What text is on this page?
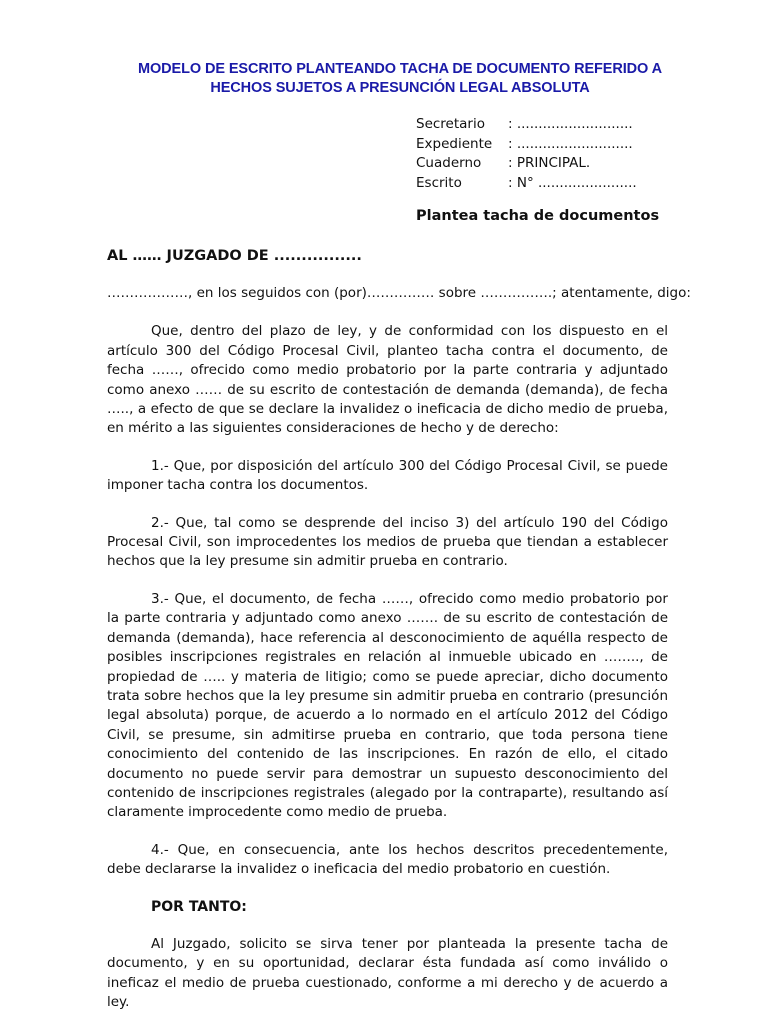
MODELO DE ESCRITO PLANTEANDO TACHA DE DOCUMENTO REFERIDO A
HECHOS SUJETOS A PRESUNCIÓN LEGAL ABSOLUTA
Secretario : ...........................
Expediente : ...........................
Cuaderno : PRINCIPAL.
Escrito	: N° .......................
Plantea tacha de documentos
AL …… JUZGADO DE ................

………………, en los seguidos con (por)…………… sobre …………….; atentamente, digo:

Que, dentro del plazo de ley, y de conformidad con los dispuesto en el artículo 300 del Código Procesal Civil, planteo tacha contra el documento, de fecha ……, ofrecido como medio probatorio por la parte contraria y adjuntado como anexo …… de su escrito de contestación de demanda (demanda), de fecha ….., a efecto de que se declare la invalidez o ineficacia de dicho medio de prueba, en mérito a las siguientes consideraciones de hecho y de derecho:

1.- Que, por disposición del artículo 300 del Código Procesal Civil, se puede imponer tacha contra los documentos.

2.- Que, tal como se desprende del inciso 3) del artículo 190 del Código Procesal Civil, son improcedentes los medios de prueba que tiendan a establecer hechos que la ley presume sin admitir prueba en contrario.

3.- Que, el documento, de fecha ……, ofrecido como medio probatorio por la parte contraria y adjuntado como anexo ……. de su escrito de contestación de demanda (demanda), hace referencia al desconocimiento de aquélla respecto de posibles inscripciones registrales en relación al inmueble ubicado en …….., de propiedad de ….. y materia de litigio; como se puede apreciar, dicho documento trata sobre hechos que la ley presume sin admitir prueba en contrario (presunción legal absoluta) porque, de acuerdo a lo normado en el artículo 2012 del Código Civil, se presume, sin admitirse prueba en contrario, que toda persona tiene conocimiento del contenido de las inscripciones. En razón de ello, el citado documento no puede servir para demostrar un supuesto desconocimiento del contenido de inscripciones registrales (alegado por la contraparte), resultando así claramente improcedente como medio de prueba.

4.- Que, en consecuencia, ante los hechos descritos precedentemente, debe declararse la invalidez o ineficacia del medio probatorio en cuestión.

POR TANTO:

Al Juzgado, solicito se sirva tener por planteada la presente tacha de documento, y en su oportunidad, declarar ésta fundada así como inválido o ineficaz el medio de prueba cuestionado, conforme a mi derecho y de acuerdo a ley.
